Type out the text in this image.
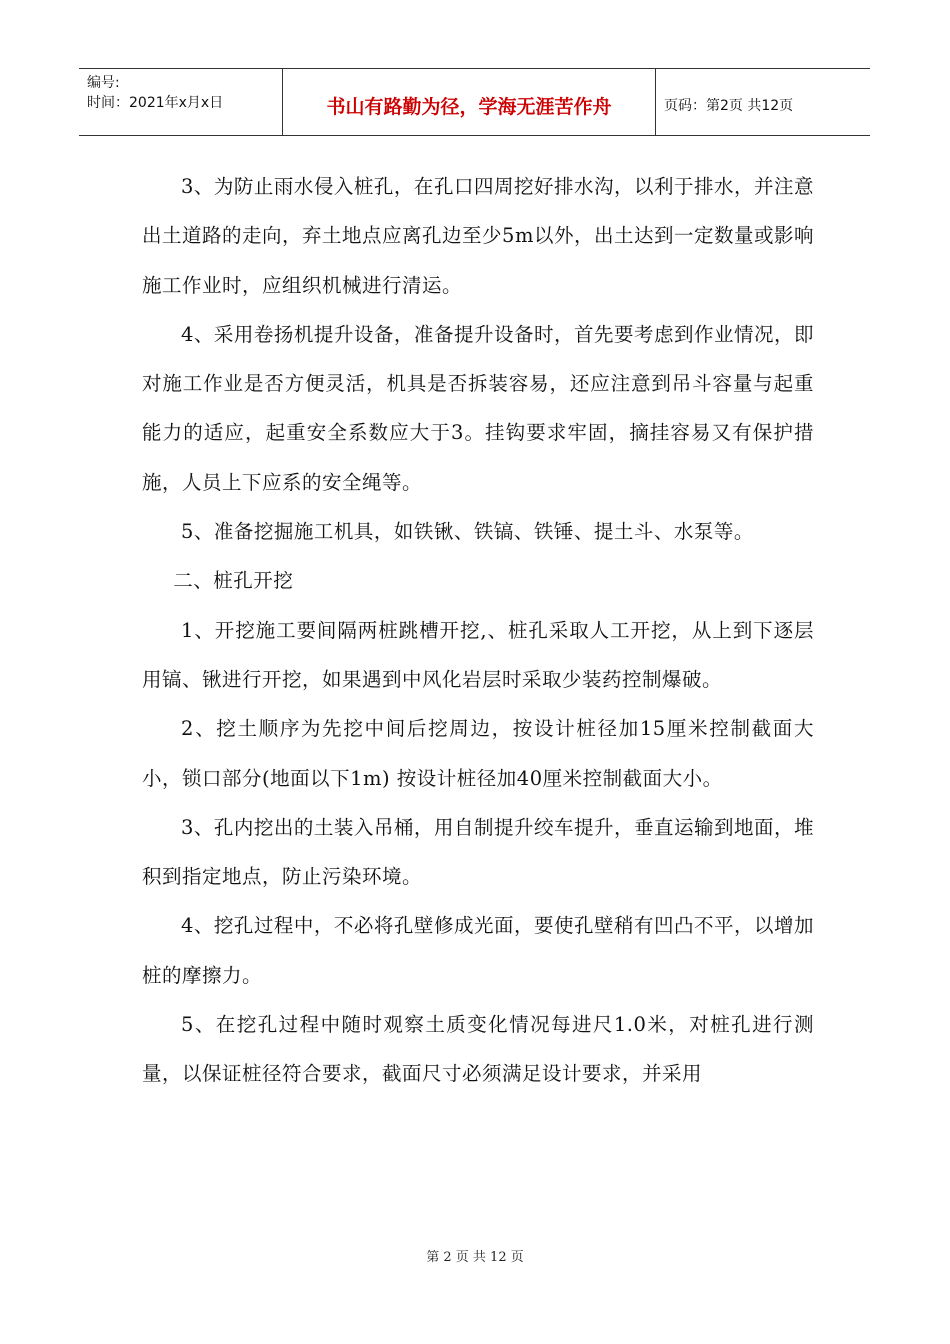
编号:
时间：2021年x月x日	书山有路勤为径，学海无涯苦作舟	页码：第2页 共12页

3、为防止雨水侵入桩孔，在孔口四周挖好排水沟，以利于排水，并注意出土道路的走向，弃土地点应离孔边至少5m以外，出土达到一定数量或影响施工作业时，应组织机械进行清运。

4、采用卷扬机提升设备，准备提升设备时，首先要考虑到作业情况，即对施工作业是否方便灵活，机具是否拆装容易，还应注意到吊斗容量与起重能力的适应，起重安全系数应大于3。挂钩要求牢固，摘挂容易又有保护措施，人员上下应系的安全绳等。

5、准备挖掘施工机具，如铁锹、铁镐、铁锤、提土斗、水泵等。

二、桩孔开挖

1、开挖施工要间隔两桩跳槽开挖,、桩孔采取人工开挖，从上到下逐层用镐、锹进行开挖，如果遇到中风化岩层时采取少装药控制爆破。

2、挖土顺序为先挖中间后挖周边，按设计桩径加15厘米控制截面大小，锁口部分(地面以下1m) 按设计桩径加40厘米控制截面大小。

3、孔内挖出的土装入吊桶，用自制提升绞车提升，垂直运输到地面，堆积到指定地点，防止污染环境。

4、挖孔过程中，不必将孔壁修成光面，要使孔壁稍有凹凸不平，以增加桩的摩擦力。

5、在挖孔过程中随时观察土质变化情况每进尺1.0米，对桩孔进行测量，以保证桩径符合要求，截面尺寸必须满足设计要求，并采用

第 2 页 共 12 页
